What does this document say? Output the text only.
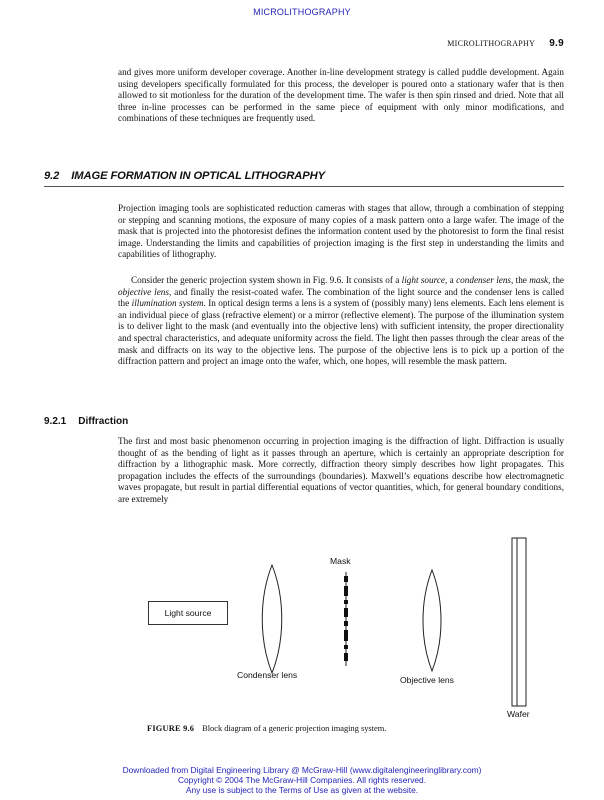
MICROLITHOGRAPHY
MICROLITHOGRAPHY 9.9

and gives more uniform developer coverage. Another in-line development strategy is called puddle development. Again using developers specifically formulated for this process, the developer is poured onto a stationary wafer that is then allowed to sit motionless for the duration of the development time. The wafer is then spin rinsed and dried. Note that all three in-line processes can be performed in the same piece of equipment with only minor modifications, and combinations of these techniques are frequently used.

9.2 IMAGE FORMATION IN OPTICAL LITHOGRAPHY

Projection imaging tools are sophisticated reduction cameras with stages that allow, through a combination of stepping or stepping and scanning motions, the exposure of many copies of a mask pattern onto a large wafer. The image of the mask that is projected into the photoresist defines the information content used by the photoresist to form the final resist image. Understanding the limits and capabilities of projection imaging is the first step in understanding the limits and capabilities of lithography.

Consider the generic projection system shown in Fig. 9.6. It consists of a light source, a condenser lens, the mask, the objective lens, and finally the resist-coated wafer. The combination of the light source and the condenser lens is called the illumination system. In optical design terms a lens is a system of (possibly many) lens elements. Each lens element is an individual piece of glass (refractive element) or a mirror (reflective element). The purpose of the illumination system is to deliver light to the mask (and eventually into the objective lens) with sufficient intensity, the proper directionality and spectral characteristics, and adequate uniformity across the field. The light then passes through the clear areas of the mask and diffracts on its way to the objective lens. The purpose of the objective lens is to pick up a portion of the diffraction pattern and project an image onto the wafer, which, one hopes, will resemble the mask pattern.

9.2.1 Diffraction

The first and most basic phenomenon occurring in projection imaging is the diffraction of light. Diffraction is usually thought of as the bending of light as it passes through an aperture, which is certainly an appropriate description for diffraction by a lithographic mask. More correctly, diffraction theory simply describes how light propagates. This propagation includes the effects of the surroundings (boundaries). Maxwell’s equations describe how electromagnetic waves propagate, but result in partial differential equations of vector quantities, which, for general boundary conditions, are extremely

Light source
Condenser lens
Mask
Objective lens
Wafer
FIGURE 9.6 Block diagram of a generic projection imaging system.
Downloaded from Digital Engineering Library @ McGraw-Hill (www.digitalengineeringlibrary.com)
Copyright © 2004 The McGraw-Hill Companies. All rights reserved.
Any use is subject to the Terms of Use as given at the website.
